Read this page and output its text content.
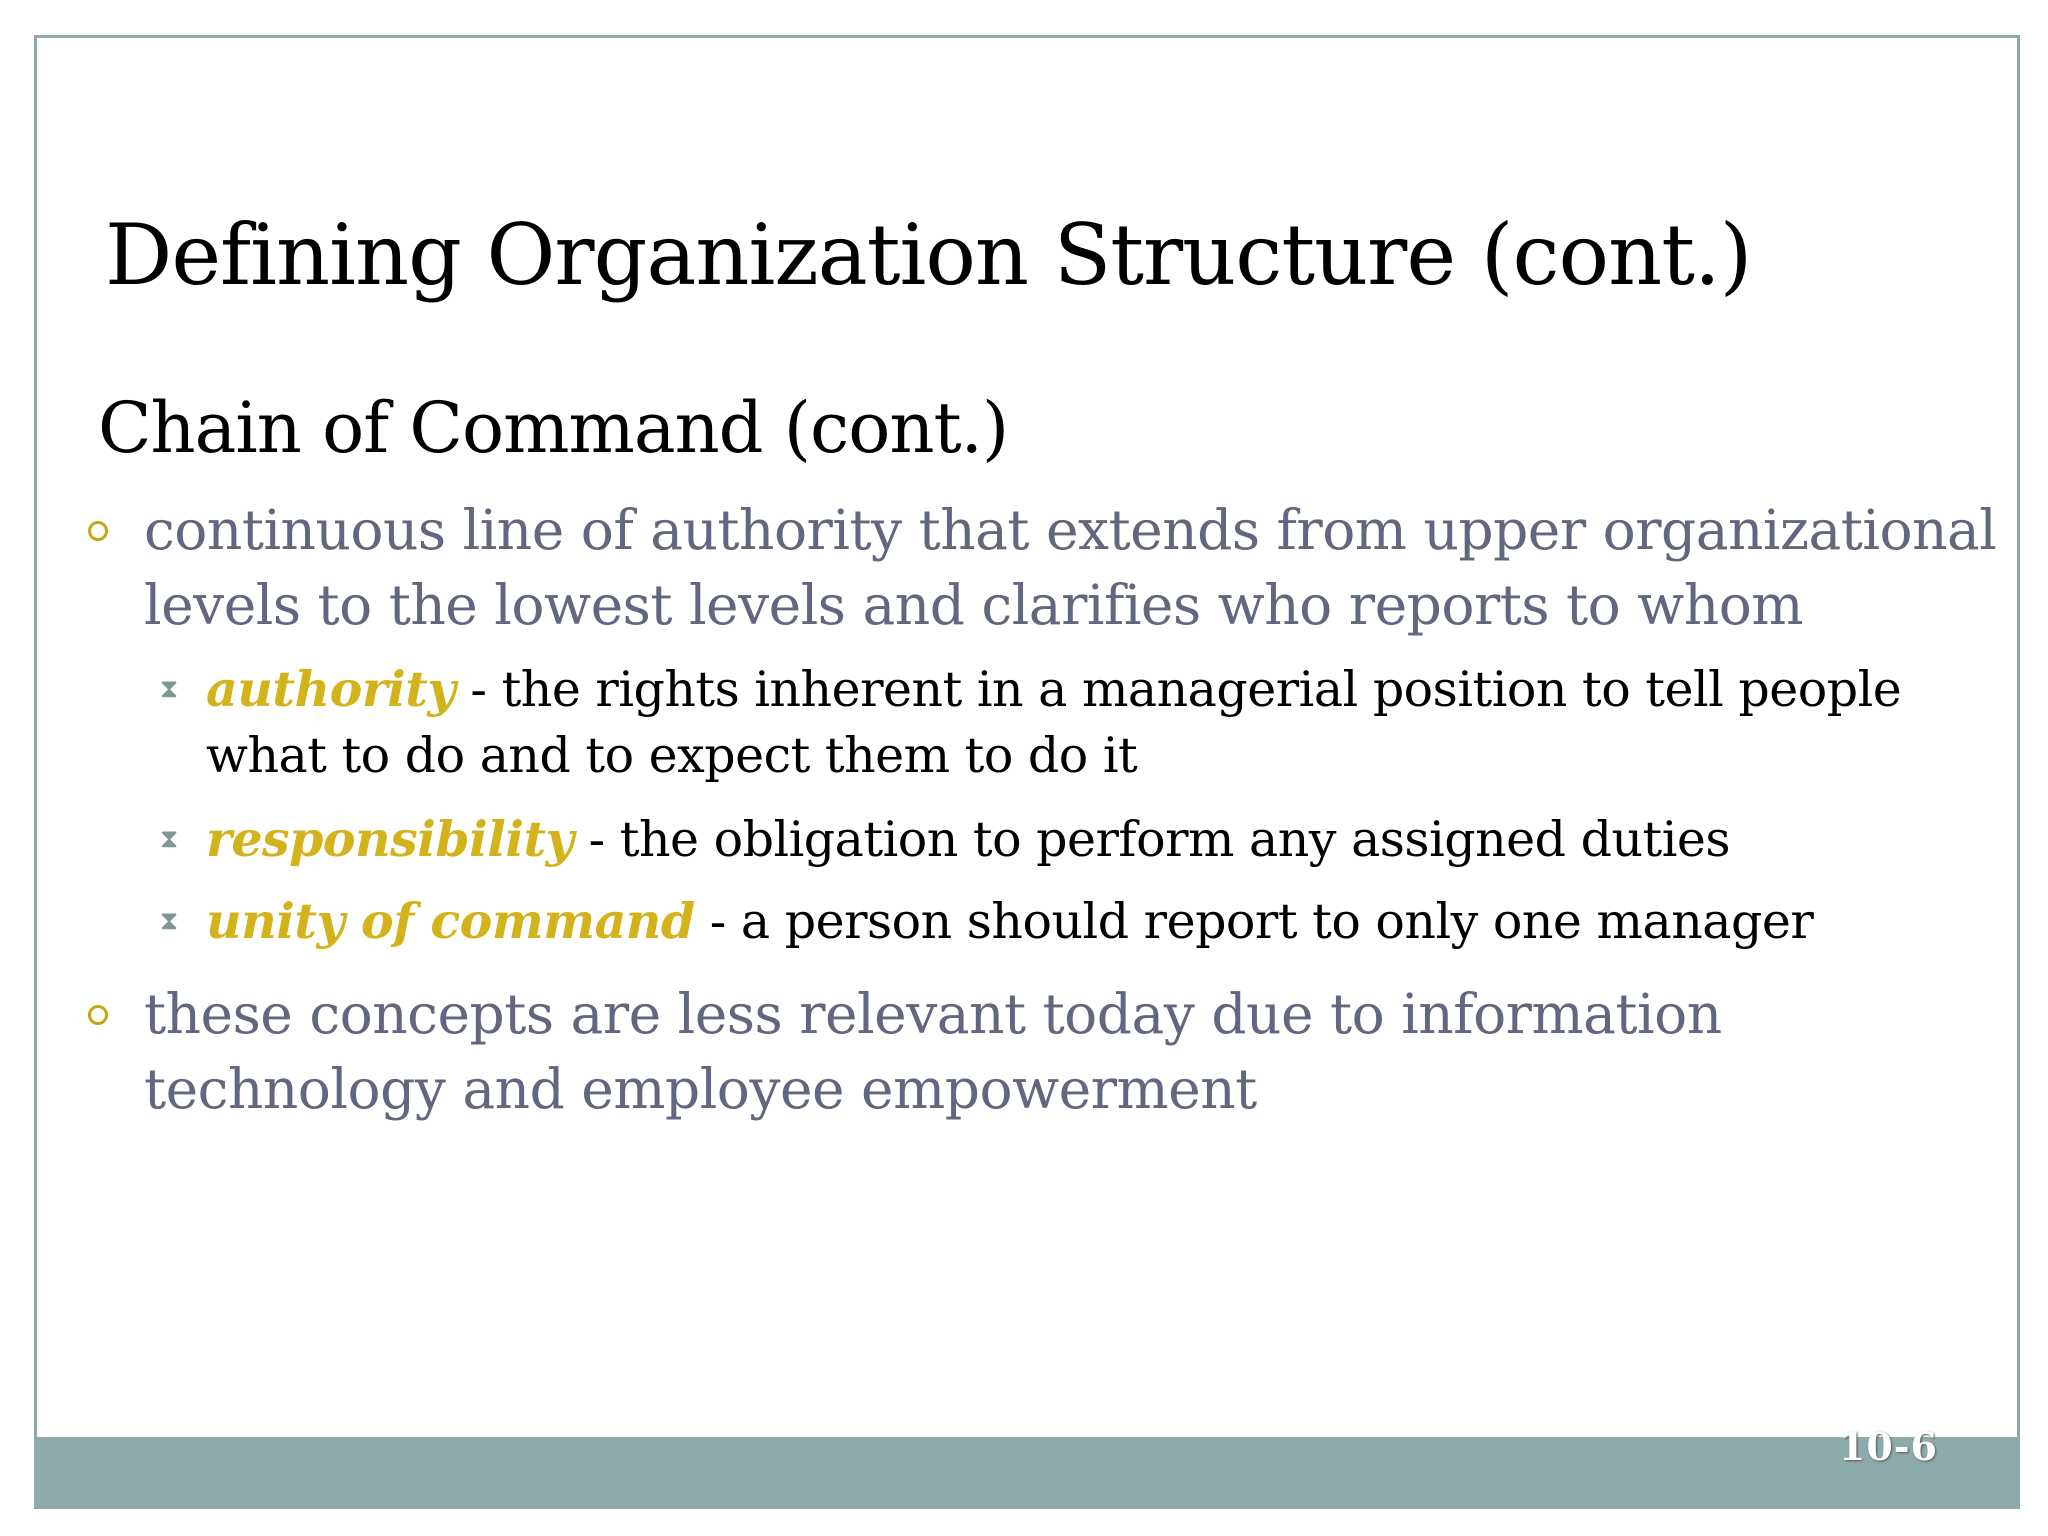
10-6
Defining Organization Structure (cont.)
Chain of Command (cont.)
continuous line of authority that extends from upper organizational levels to the lowest levels and clarifies who reports to whom
⧗ authority - the rights inherent in a managerial position to tell people what to do and to expect them to do it
⧗ responsibility - the obligation to perform any assigned duties
⧗ unity of command - a person should report to only one manager
these concepts are less relevant today due to information technology and employee empowerment
